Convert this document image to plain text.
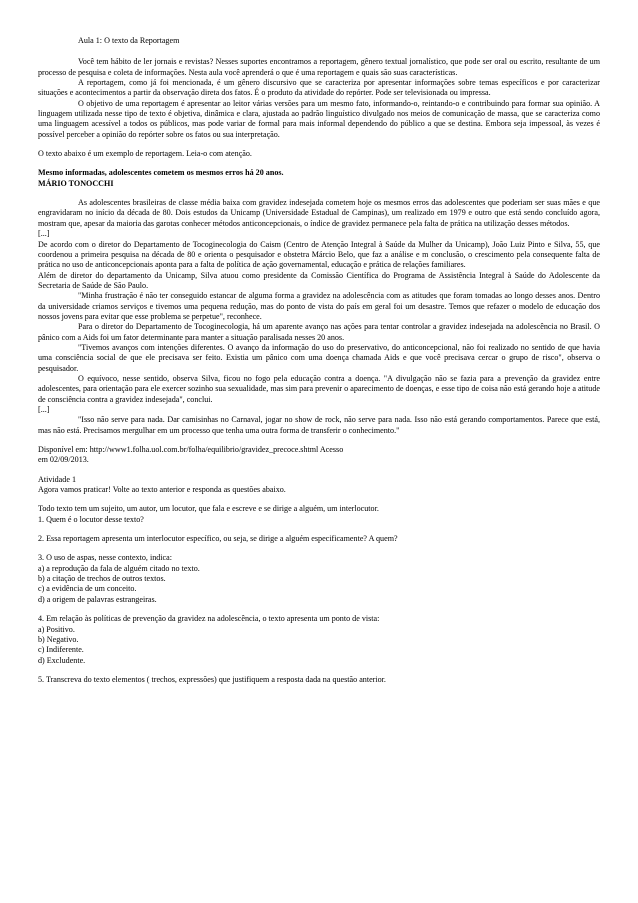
Aula 1: O texto da Reportagem

Você tem hábito de ler jornais e revistas? Nesses suportes encontramos a reportagem, gênero textual jornalístico, que pode ser oral ou escrito, resultante de um processo de pesquisa e coleta de informações. Nesta aula você aprenderá o que é uma reportagem e quais são suas características.

A reportagem, como já foi mencionada, é um gênero discursivo que se caracteriza por apresentar informações sobre temas específicos e por caracterizar situações e acontecimentos a partir da observação direta dos fatos. É o produto da atividade do repórter. Pode ser televisionada ou impressa.

O objetivo de uma reportagem é apresentar ao leitor várias versões para um mesmo fato, informando-o, reintando-o e contribuindo para formar sua opinião. A linguagem utilizada nesse tipo de texto é objetiva, dinâmica e clara, ajustada ao padrão linguístico divulgado nos meios de comunicação de massa, que se caracteriza como uma linguagem acessível a todos os públicos, mas pode variar de formal para mais informal dependendo do público a que se destina. Embora seja impessoal, às vezes é possível perceber a opinião do repórter sobre os fatos ou sua interpretação.

O texto abaixo é um exemplo de reportagem. Leia-o com atenção.

Mesmo informadas, adolescentes cometem os mesmos erros há 20 anos.

MÁRIO TONOCCHI

As adolescentes brasileiras de classe média baixa com gravidez indesejada cometem hoje os mesmos erros das adolescentes que poderiam ser suas mães e que engravidaram no início da década de 80. Dois estudos da Unicamp (Universidade Estadual de Campinas), um realizado em 1979 e outro que está sendo concluído agora, mostram que, apesar da maioria das garotas conhecer métodos anticoncepcionais, o índice de gravidez permanece pela falta de prática na utilização desses métodos.

[...]

De acordo com o diretor do Departamento de Tocoginecologia do Caism (Centro de Atenção Integral à Saúde da Mulher da Unicamp), João Luiz Pinto e Silva, 55, que coordenou a primeira pesquisa na década de 80 e orienta o pesquisador e obstetra Márcio Belo, que faz a análise e m conclusão, o crescimento pela consequente falta de prática no uso de anticoncepcionais aponta para a falta de política de ação governamental, educação e prática de relações familiares.

Além de diretor do departamento da Unicamp, Silva atuou como presidente da Comissão Científica do Programa de Assistência Integral à Saúde do Adolescente da Secretaria de Saúde de São Paulo.

"Minha frustração é não ter conseguido estancar de alguma forma a gravidez na adolescência com as atitudes que foram tomadas ao longo desses anos. Dentro da universidade criamos serviços e tivemos uma pequena redução, mas do ponto de vista do país em geral foi um desastre. Temos que refazer o modelo de educação dos nossos jovens para evitar que esse problema se perpetue", reconhece.

Para o diretor do Departamento de Tocoginecologia, há um aparente avanço nas ações para tentar controlar a gravidez indesejada na adolescência no Brasil. O pânico com a Aids foi um fator determinante para manter a situação paralisada nesses 20 anos.

"Tivemos avanços com intenções diferentes. O avanço da informação do uso do preservativo, do anticoncepcional, não foi realizado no sentido de que havia uma consciência social de que ele precisava ser feito. Existia um pânico com uma doença chamada Aids e que você precisava cercar o grupo de risco", observa o pesquisador.

O equívoco, nesse sentido, observa Silva, ficou no fogo pela educação contra a doença. "A divulgação não se fazia para a prevenção da gravidez entre adolescentes, para orientação para ele exercer sozinho sua sexualidade, mas sim para prevenir o aparecimento de doenças, e esse tipo de coisa não está gerando hoje a atitude de consciência contra a gravidez indesejada", conclui.

[...]

"Isso não serve para nada. Dar camisinhas no Carnaval, jogar no show de rock, não serve para nada. Isso não está gerando comportamentos. Parece que está, mas não está. Precisamos mergulhar em um processo que tenha uma outra forma de transferir o conhecimento."

Disponível em: http://www1.folha.uol.com.br/folha/equilibrio/gravidez_precoce.shtml Acesso

em 02/09/2013.

Atividade 1

Agora vamos praticar! Volte ao texto anterior e responda as questões abaixo.

Todo texto tem um sujeito, um autor, um locutor, que fala e escreve e se dirige a alguém, um interlocutor.

1. Quem é o locutor desse texto?

2. Essa reportagem apresenta um interlocutor específico, ou seja, se dirige a alguém especificamente? A quem?

3. O uso de aspas, nesse contexto, indica:

a) a reprodução da fala de alguém citado no texto.

b) a citação de trechos de outros textos.

c) a evidência de um conceito.

d) a origem de palavras estrangeiras.

4. Em relação às políticas de prevenção da gravidez na adolescência, o texto apresenta um ponto de vista:

a) Positivo.

b) Negativo.

c) Indiferente.

d) Excludente.

5. Transcreva do texto elementos ( trechos, expressões) que justifiquem a resposta dada na questão anterior.
